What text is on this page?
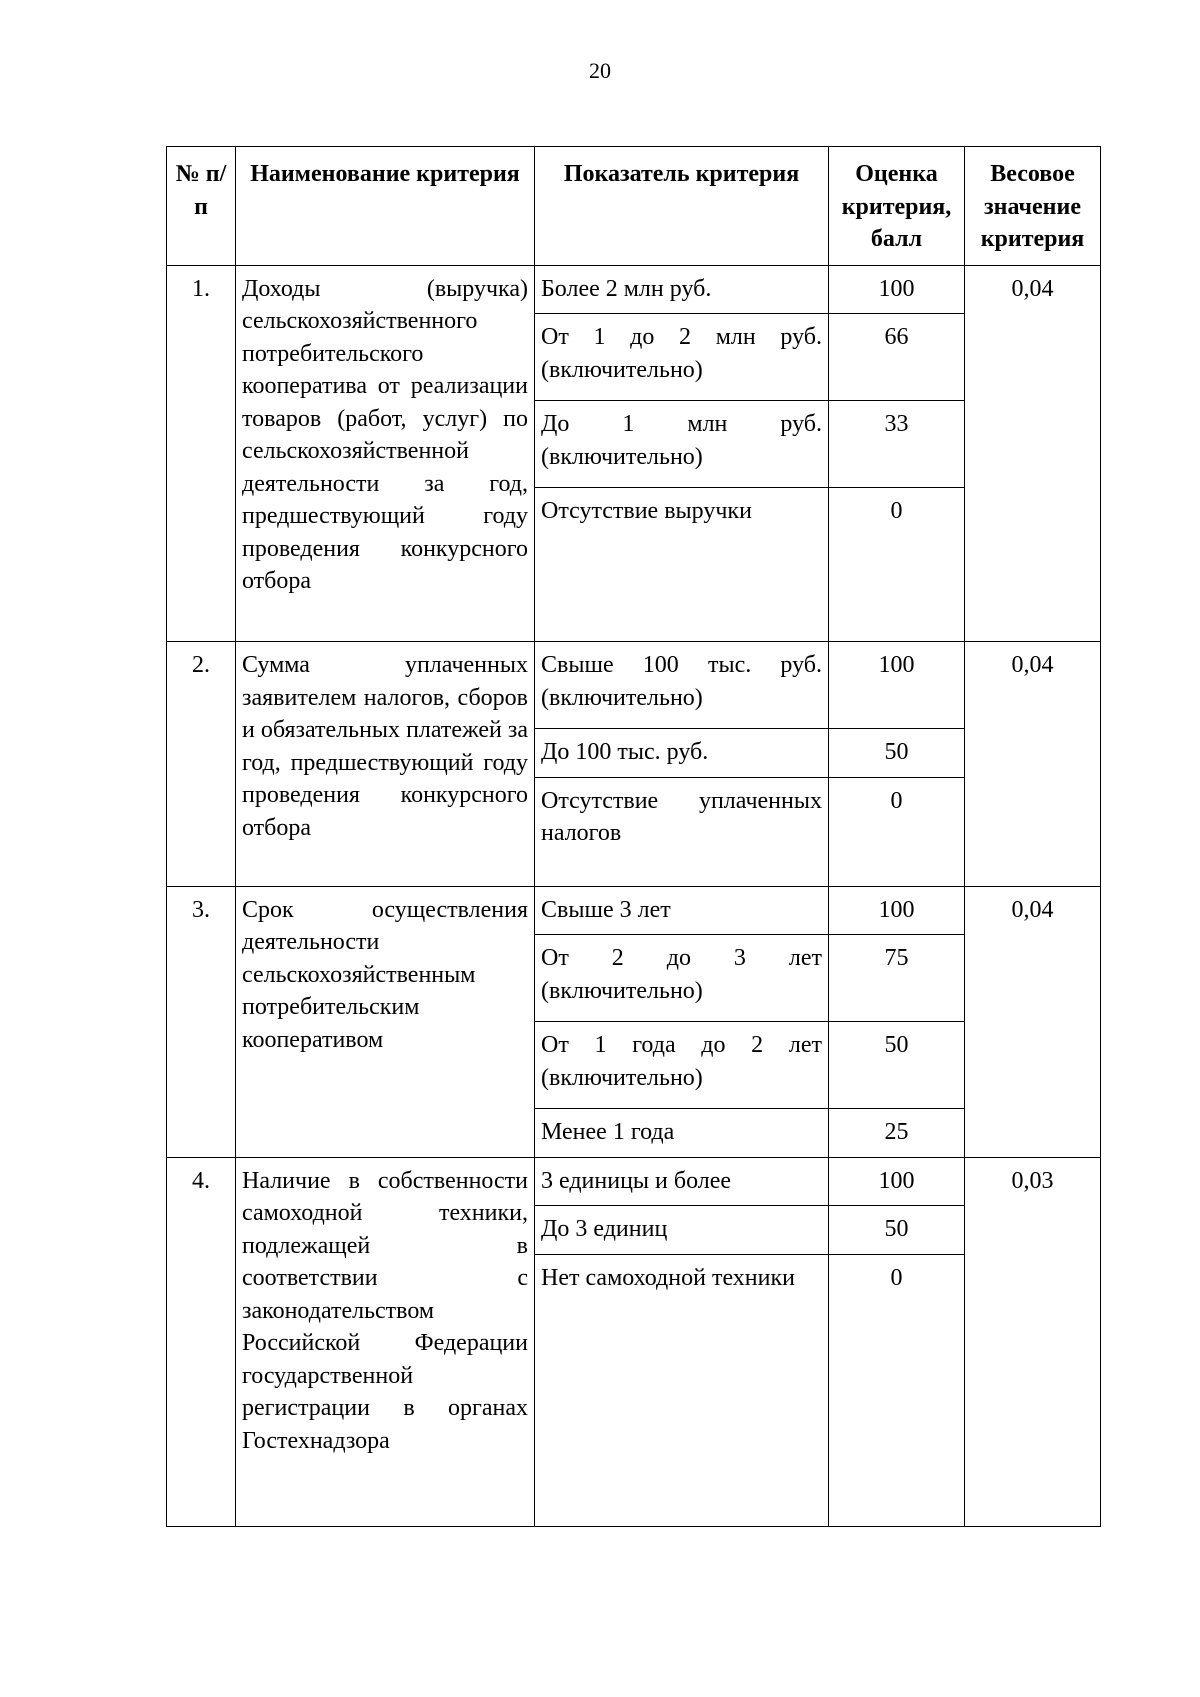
20
№ п/п	Наименование критерия	Показатель критерия	Оценка критерия, балл	Весовое значение критерия
1.	Доходы (выручка) сельскохозяйственного потребительского кооператива от реализации товаров (работ, услуг) по сельскохозяйственной деятельности за год, предшествующий году проведения конкурсного отбора	Более 2 млн руб.	100	0,04
		От 1 до 2 млн руб. (включительно)	66	
		До 1 млн руб. (включительно)	33	
		Отсутствие выручки	0	
2.	Сумма уплаченных заявителем налогов, сборов и обязательных платежей за год, предшествующий году проведения конкурсного отбора	Свыше 100 тыс. руб. (включительно)	100	0,04
		До 100 тыс. руб.	50	
		Отсутствие уплаченных налогов	0	
3.	Срок осуществления деятельности сельскохозяйственным потребительским кооперативом	Свыше 3 лет	100	0,04
		От 2 до 3 лет (включительно)	75	
		От 1 года до 2 лет (включительно)	50	
		Менее 1 года	25	
4.	Наличие в собственности самоходной техники, подлежащей в соответствии с законодательством Российской Федерации государственной регистрации в органах Гостехнадзора	3 единицы и более	100	0,03
		До 3 единиц	50	
		Нет самоходной техники	0	
